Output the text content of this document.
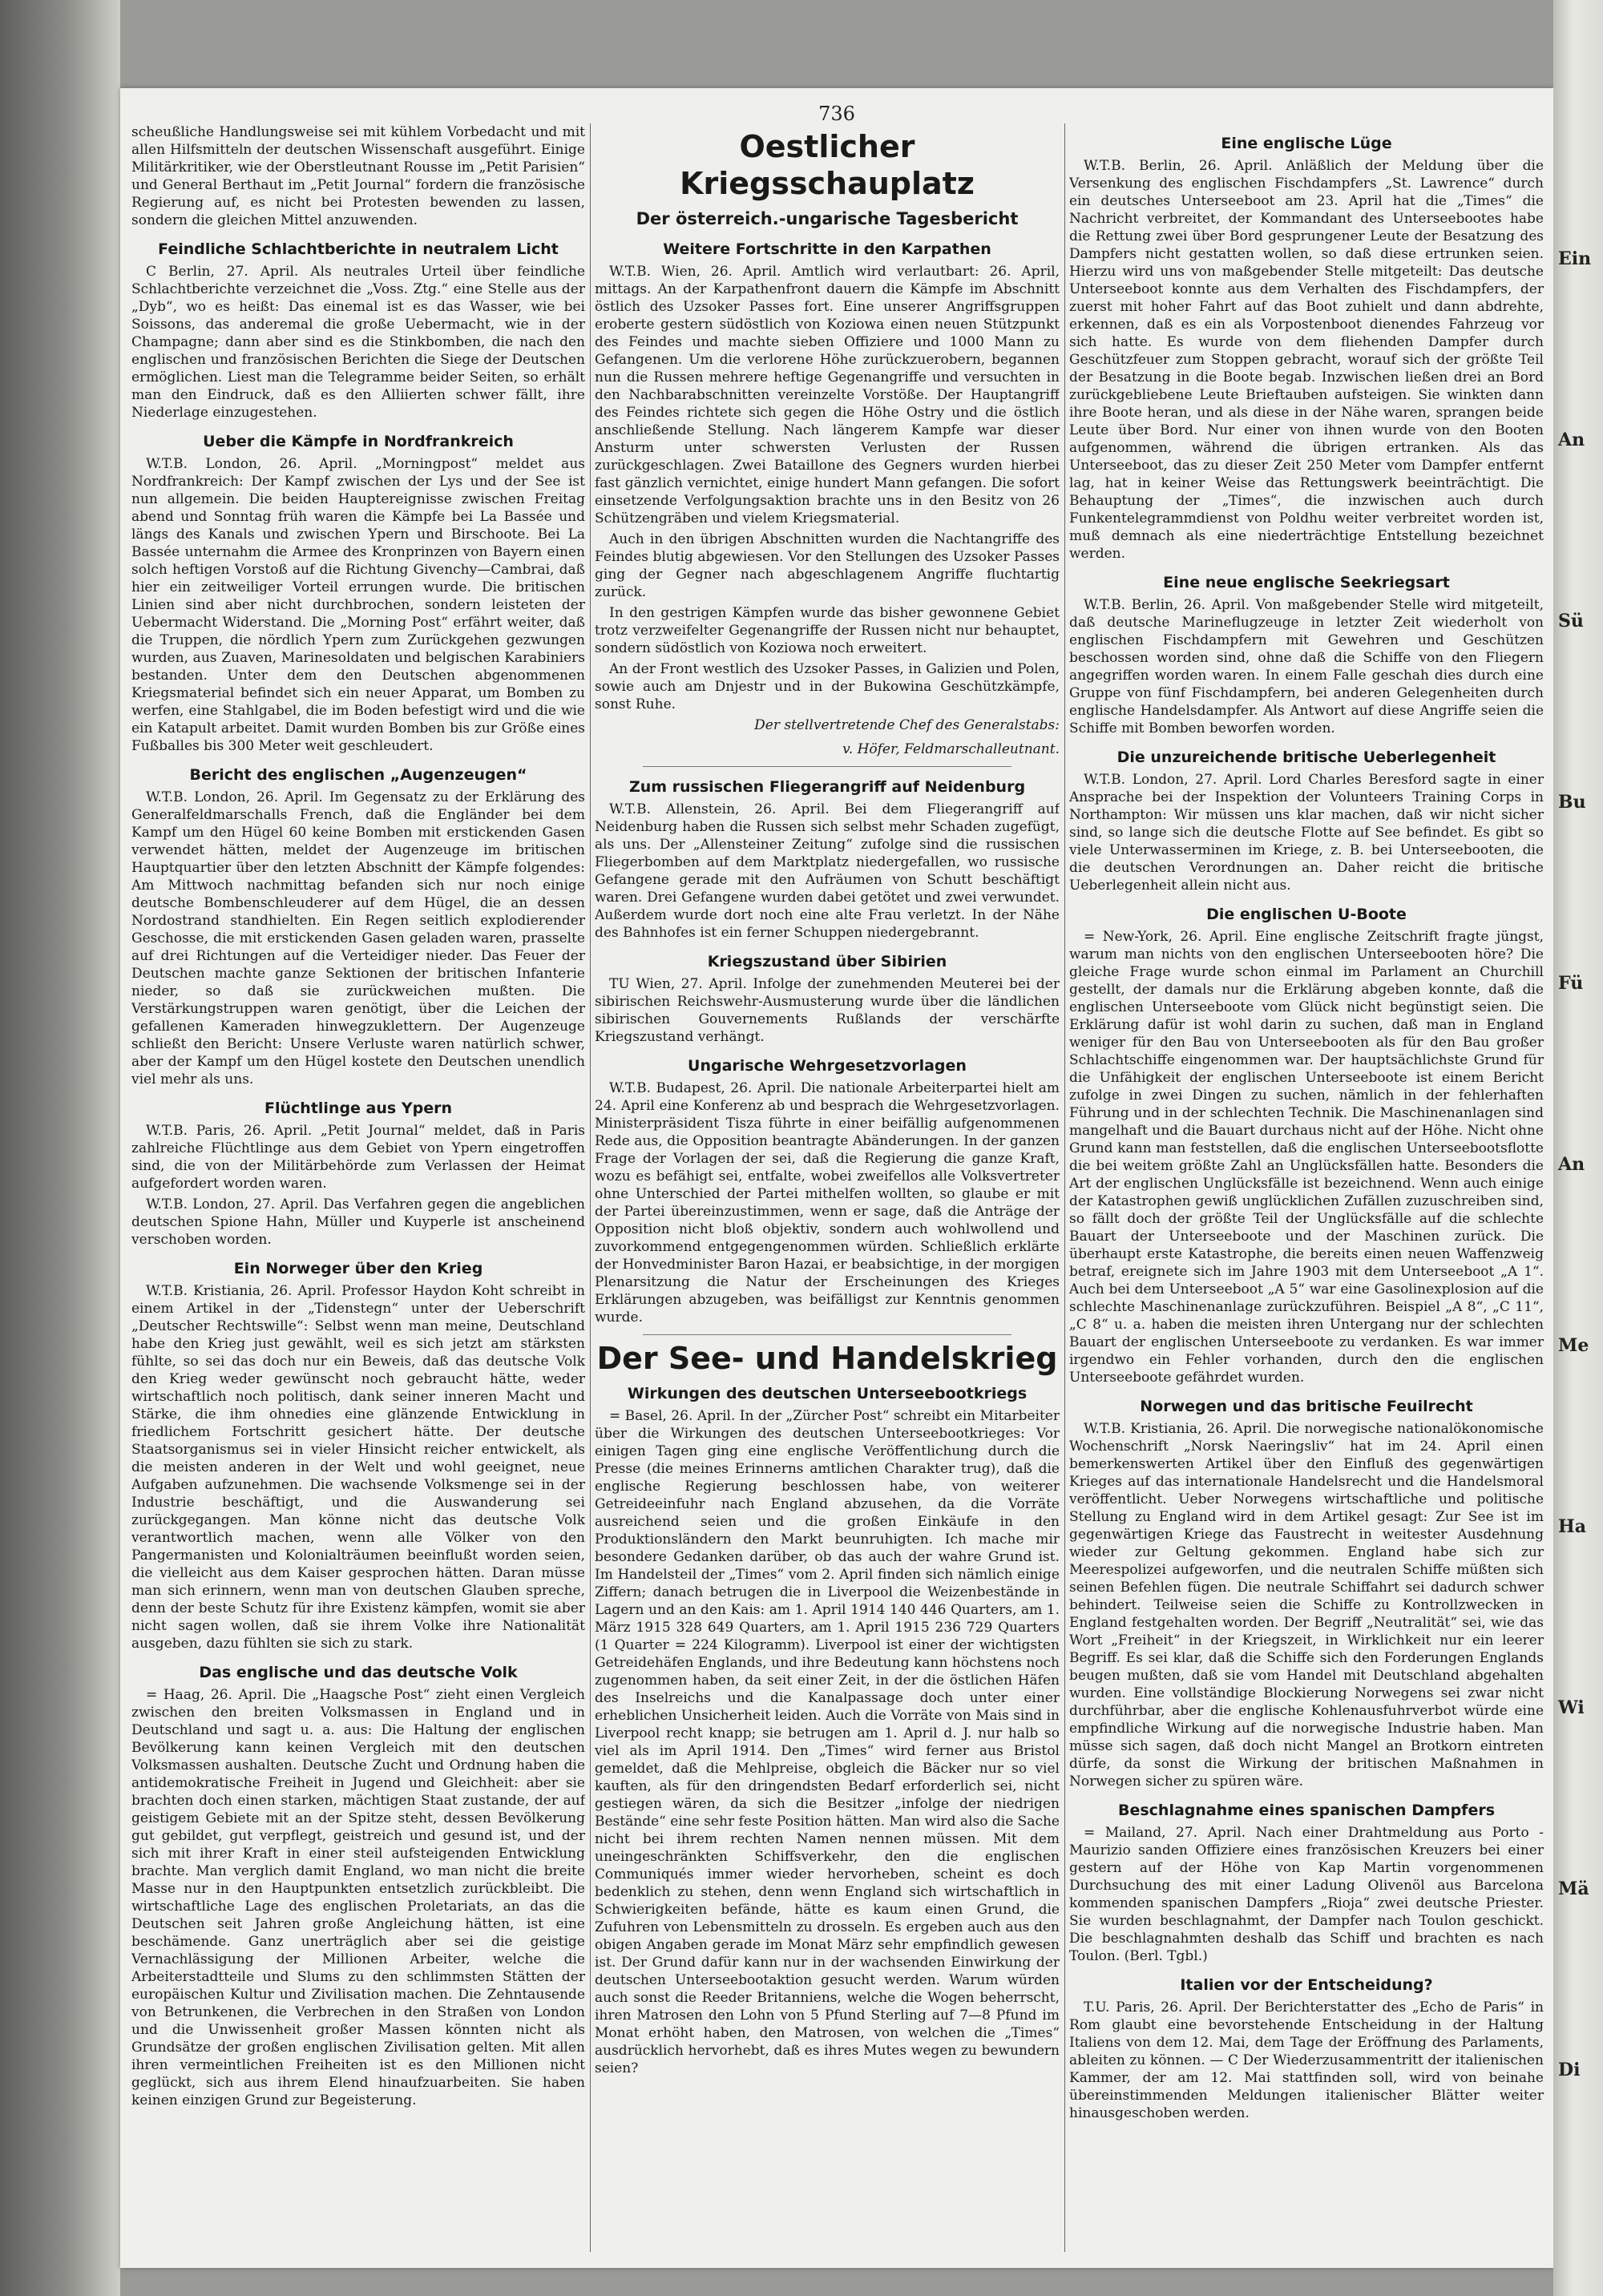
736

scheußliche Handlungsweise sei mit kühlem Vorbedacht und mit allen Hilfsmitteln der deutschen Wissenschaft ausgeführt. Einige Militärkritiker, wie der Oberstleutnant Rousse im „Petit Parisien“ und General Berthaut im „Petit Journal“ fordern die französische Regierung auf, es nicht bei Protesten bewenden zu lassen, sondern die gleichen Mittel anzuwenden.

Feindliche Schlachtberichte in neutralem Licht

C Berlin, 27. April. Als neutrales Urteil über feindliche Schlachtberichte verzeichnet die „Voss. Ztg.“ eine Stelle aus der „Dyb“, wo es heißt: Das einemal ist es das Wasser, wie bei Soissons, das anderemal die große Uebermacht, wie in der Champagne; dann aber sind es die Stinkbomben, die nach den englischen und französischen Berichten die Siege der Deutschen ermöglichen. Liest man die Telegramme beider Seiten, so erhält man den Eindruck, daß es den Alliierten schwer fällt, ihre Niederlage einzugestehen.

Ueber die Kämpfe in Nordfrankreich

W.T.B. London, 26. April. „Morningpost“ meldet aus Nordfrankreich: Der Kampf zwischen der Lys und der See ist nun allgemein. Die beiden Hauptereignisse zwischen Freitag abend und Sonntag früh waren die Kämpfe bei La Bassée und längs des Kanals und zwischen Ypern und Birschoote. Bei La Bassée unternahm die Armee des Kronprinzen von Bayern einen solch heftigen Vorstoß auf die Richtung Givenchy—Cambrai, daß hier ein zeitweiliger Vorteil errungen wurde. Die britischen Linien sind aber nicht durchbrochen, sondern leisteten der Uebermacht Widerstand. Die „Morning Post“ erfährt weiter, daß die Truppen, die nördlich Ypern zum Zurückgehen gezwungen wurden, aus Zuaven, Marinesoldaten und belgischen Karabiniers bestanden. Unter dem den Deutschen abgenommenen Kriegsmaterial befindet sich ein neuer Apparat, um Bomben zu werfen, eine Stahlgabel, die im Boden befestigt wird und die wie ein Katapult arbeitet. Damit wurden Bomben bis zur Größe eines Fußballes bis 300 Meter weit geschleudert.

Bericht des englischen „Augenzeugen“

W.T.B. London, 26. April. Im Gegensatz zu der Erklärung des Generalfeldmarschalls French, daß die Engländer bei dem Kampf um den Hügel 60 keine Bomben mit erstickenden Gasen verwendet hätten, meldet der Augenzeuge im britischen Hauptquartier über den letzten Abschnitt der Kämpfe folgendes: Am Mittwoch nachmittag befanden sich nur noch einige deutsche Bombenschleuderer auf dem Hügel, die an dessen Nordostrand standhielten. Ein Regen seitlich explodierender Geschosse, die mit erstickenden Gasen geladen waren, prasselte auf drei Richtungen auf die Verteidiger nieder. Das Feuer der Deutschen machte ganze Sektionen der britischen Infanterie nieder, so daß sie zurückweichen mußten. Die Verstärkungstruppen waren genötigt, über die Leichen der gefallenen Kameraden hinwegzuklettern. Der Augenzeuge schließt den Bericht: Unsere Verluste waren natürlich schwer, aber der Kampf um den Hügel kostete den Deutschen unendlich viel mehr als uns.

Flüchtlinge aus Ypern

W.T.B. Paris, 26. April. „Petit Journal“ meldet, daß in Paris zahlreiche Flüchtlinge aus dem Gebiet von Ypern eingetroffen sind, die von der Militärbehörde zum Verlassen der Heimat aufgefordert worden waren.

W.T.B. London, 27. April. Das Verfahren gegen die angeblichen deutschen Spione Hahn, Müller und Kuyperle ist anscheinend verschoben worden.

Ein Norweger über den Krieg

W.T.B. Kristiania, 26. April. Professor Haydon Koht schreibt in einem Artikel in der „Tidenstegn“ unter der Ueberschrift „Deutscher Rechtswille“: Selbst wenn man meine, Deutschland habe den Krieg just gewählt, weil es sich jetzt am stärksten fühlte, so sei das doch nur ein Beweis, daß das deutsche Volk den Krieg weder gewünscht noch gebraucht hätte, weder wirtschaftlich noch politisch, dank seiner inneren Macht und Stärke, die ihm ohnedies eine glänzende Entwicklung in friedlichem Fortschritt gesichert hätte. Der deutsche Staatsorganismus sei in vieler Hinsicht reicher entwickelt, als die meisten anderen in der Welt und wohl geeignet, neue Aufgaben aufzunehmen. Die wachsende Volksmenge sei in der Industrie beschäftigt, und die Auswanderung sei zurückgegangen. Man könne nicht das deutsche Volk verantwortlich machen, wenn alle Völker von den Pangermanisten und Kolonialträumen beeinflußt worden seien, die vielleicht aus dem Kaiser gesprochen hätten. Daran müsse man sich erinnern, wenn man von deutschen Glauben spreche, denn der beste Schutz für ihre Existenz kämpfen, womit sie aber nicht sagen wollen, daß sie ihrem Volke ihre Nationalität ausgeben, dazu fühlten sie sich zu stark.

Das englische und das deutsche Volk

= Haag, 26. April. Die „Haagsche Post“ zieht einen Vergleich zwischen den breiten Volksmassen in England und in Deutschland und sagt u. a. aus: Die Haltung der englischen Bevölkerung kann keinen Vergleich mit den deutschen Volksmassen aushalten. Deutsche Zucht und Ordnung haben die antidemokratische Freiheit in Jugend und Gleichheit: aber sie brachten doch einen starken, mächtigen Staat zustande, der auf geistigem Gebiete mit an der Spitze steht, dessen Bevölkerung gut gebildet, gut verpflegt, geistreich und gesund ist, und der sich mit ihrer Kraft in einer steil aufsteigenden Entwicklung brachte. Man verglich damit England, wo man nicht die breite Masse nur in den Hauptpunkten entsetzlich zurückbleibt. Die wirtschaftliche Lage des englischen Proletariats, an das die Deutschen seit Jahren große Angleichung hätten, ist eine beschämende. Ganz unerträglich aber sei die geistige Vernachlässigung der Millionen Arbeiter, welche die Arbeiterstadtteile und Slums zu den schlimmsten Stätten der europäischen Kultur und Zivilisation machen. Die Zehntausende von Betrunkenen, die Verbrechen in den Straßen von London und die Unwissenheit großer Massen könnten nicht als Grundsätze der großen englischen Zivilisation gelten. Mit allen ihren vermeintlichen Freiheiten ist es den Millionen nicht geglückt, sich aus ihrem Elend hinaufzuarbeiten. Sie haben keinen einzigen Grund zur Begeisterung.

Oestlicher Kriegsschauplatz
Der österreich.-ungarische Tagesbericht
Weitere Fortschritte in den Karpathen

W.T.B. Wien, 26. April. Amtlich wird verlautbart: 26. April, mittags. An der Karpathenfront dauern die Kämpfe im Abschnitt östlich des Uzsoker Passes fort. Eine unserer Angriffsgruppen eroberte gestern südöstlich von Koziowa einen neuen Stützpunkt des Feindes und machte sieben Offiziere und 1000 Mann zu Gefangenen. Um die verlorene Höhe zurückzuerobern, begannen nun die Russen mehrere heftige Gegenangriffe und versuchten in den Nachbarabschnitten vereinzelte Vorstöße. Der Hauptangriff des Feindes richtete sich gegen die Höhe Ostry und die östlich anschließende Stellung. Nach längerem Kampfe war dieser Ansturm unter schwersten Verlusten der Russen zurückgeschlagen. Zwei Bataillone des Gegners wurden hierbei fast gänzlich vernichtet, einige hundert Mann gefangen. Die sofort einsetzende Verfolgungsaktion brachte uns in den Besitz von 26 Schützengräben und vielem Kriegsmaterial.

Auch in den übrigen Abschnitten wurden die Nachtangriffe des Feindes blutig abgewiesen. Vor den Stellungen des Uzsoker Passes ging der Gegner nach abgeschlagenem Angriffe fluchtartig zurück.

In den gestrigen Kämpfen wurde das bisher gewonnene Gebiet trotz verzweifelter Gegenangriffe der Russen nicht nur behauptet, sondern südöstlich von Koziowa noch erweitert.

An der Front westlich des Uzsoker Passes, in Galizien und Polen, sowie auch am Dnjestr und in der Bukowina Geschützkämpfe, sonst Ruhe.

Der stellvertretende Chef des Generalstabs:
v. Höfer, Feldmarschalleutnant.
Zum russischen Fliegerangriff auf Neidenburg

W.T.B. Allenstein, 26. April. Bei dem Fliegerangriff auf Neidenburg haben die Russen sich selbst mehr Schaden zugefügt, als uns. Der „Allensteiner Zeitung“ zufolge sind die russischen Fliegerbomben auf dem Marktplatz niedergefallen, wo russische Gefangene gerade mit den Aufräumen von Schutt beschäftigt waren. Drei Gefangene wurden dabei getötet und zwei verwundet. Außerdem wurde dort noch eine alte Frau verletzt. In der Nähe des Bahnhofes ist ein ferner Schuppen niedergebrannt.

Kriegszustand über Sibirien

TU Wien, 27. April. Infolge der zunehmenden Meuterei bei der sibirischen Reichswehr-Ausmusterung wurde über die ländlichen sibirischen Gouvernements Rußlands der verschärfte Kriegszustand verhängt.

Ungarische Wehrgesetzvorlagen

W.T.B. Budapest, 26. April. Die nationale Arbeiterpartei hielt am 24. April eine Konferenz ab und besprach die Wehrgesetzvorlagen. Ministerpräsident Tisza führte in einer beifällig aufgenommenen Rede aus, die Opposition beantragte Abänderungen. In der ganzen Frage der Vorlagen der sei, daß die Regierung die ganze Kraft, wozu es befähigt sei, entfalte, wobei zweifellos alle Volksvertreter ohne Unterschied der Partei mithelfen wollten, so glaube er mit der Partei übereinzustimmen, wenn er sage, daß die Anträge der Opposition nicht bloß objektiv, sondern auch wohlwollend und zuvorkommend entgegengenommen würden. Schließlich erklärte der Honvedminister Baron Hazai, er beabsichtige, in der morgigen Plenarsitzung die Natur der Erscheinungen des Krieges Erklärungen abzugeben, was beifälligst zur Kenntnis genommen wurde.

Der See- und Handelskrieg
Wirkungen des deutschen Unterseebootkriegs

= Basel, 26. April. In der „Zürcher Post“ schreibt ein Mitarbeiter über die Wirkungen des deutschen Unterseebootkrieges: Vor einigen Tagen ging eine englische Veröffentlichung durch die Presse (die meines Erinnerns amtlichen Charakter trug), daß die englische Regierung beschlossen habe, von weiterer Getreideeinfuhr nach England abzusehen, da die Vorräte ausreichend seien und die großen Einkäufe in den Produktionsländern den Markt beunruhigten. Ich mache mir besondere Gedanken darüber, ob das auch der wahre Grund ist. Im Handelsteil der „Times“ vom 2. April finden sich nämlich einige Ziffern; danach betrugen die in Liverpool die Weizenbestände in Lagern und an den Kais: am 1. April 1914 140 446 Quarters, am 1. März 1915 328 649 Quarters, am 1. April 1915 236 729 Quarters (1 Quarter = 224 Kilogramm). Liverpool ist einer der wichtigsten Getreidehäfen Englands, und ihre Bedeutung kann höchstens noch zugenommen haben, da seit einer Zeit, in der die östlichen Häfen des Inselreichs und die Kanalpassage doch unter einer erheblichen Unsicherheit leiden. Auch die Vorräte von Mais sind in Liverpool recht knapp; sie betrugen am 1. April d. J. nur halb so viel als im April 1914. Den „Times“ wird ferner aus Bristol gemeldet, daß die Mehlpreise, obgleich die Bäcker nur so viel kauften, als für den dringendsten Bedarf erforderlich sei, nicht gestiegen wären, da sich die Besitzer „infolge der niedrigen Bestände“ eine sehr feste Position hätten. Man wird also die Sache nicht bei ihrem rechten Namen nennen müssen. Mit dem uneingeschränkten Schiffsverkehr, den die englischen Communiqués immer wieder hervorheben, scheint es doch bedenklich zu stehen, denn wenn England sich wirtschaftlich in Schwierigkeiten befände, hätte es kaum einen Grund, die Zufuhren von Lebensmitteln zu drosseln. Es ergeben auch aus den obigen Angaben gerade im Monat März sehr empfindlich gewesen ist. Der Grund dafür kann nur in der wachsenden Einwirkung der deutschen Unterseebootaktion gesucht werden. Warum würden auch sonst die Reeder Britanniens, welche die Wogen beherrscht, ihren Matrosen den Lohn von 5 Pfund Sterling auf 7—8 Pfund im Monat erhöht haben, den Matrosen, von welchen die „Times“ ausdrücklich hervorhebt, daß es ihres Mutes wegen zu bewundern seien?

Eine englische Lüge

W.T.B. Berlin, 26. April. Anläßlich der Meldung über die Versenkung des englischen Fischdampfers „St. Lawrence“ durch ein deutsches Unterseeboot am 23. April hat die „Times“ die Nachricht verbreitet, der Kommandant des Unterseebootes habe die Rettung zwei über Bord gesprungener Leute der Besatzung des Dampfers nicht gestatten wollen, so daß diese ertrunken seien. Hierzu wird uns von maßgebender Stelle mitgeteilt: Das deutsche Unterseeboot konnte aus dem Verhalten des Fischdampfers, der zuerst mit hoher Fahrt auf das Boot zuhielt und dann abdrehte, erkennen, daß es ein als Vorpostenboot dienendes Fahrzeug vor sich hatte. Es wurde von dem fliehenden Dampfer durch Geschützfeuer zum Stoppen gebracht, worauf sich der größte Teil der Besatzung in die Boote begab. Inzwischen ließen drei an Bord zurückgebliebene Leute Brieftauben aufsteigen. Sie winkten dann ihre Boote heran, und als diese in der Nähe waren, sprangen beide Leute über Bord. Nur einer von ihnen wurde von den Booten aufgenommen, während die übrigen ertranken. Als das Unterseeboot, das zu dieser Zeit 250 Meter vom Dampfer entfernt lag, hat in keiner Weise das Rettungswerk beeinträchtigt. Die Behauptung der „Times“, die inzwischen auch durch Funkentelegrammdienst von Poldhu weiter verbreitet worden ist, muß demnach als eine niederträchtige Entstellung bezeichnet werden.

Eine neue englische Seekriegsart

W.T.B. Berlin, 26. April. Von maßgebender Stelle wird mitgeteilt, daß deutsche Marineflugzeuge in letzter Zeit wiederholt von englischen Fischdampfern mit Gewehren und Geschützen beschossen worden sind, ohne daß die Schiffe von den Fliegern angegriffen worden waren. In einem Falle geschah dies durch eine Gruppe von fünf Fischdampfern, bei anderen Gelegenheiten durch englische Handelsdampfer. Als Antwort auf diese Angriffe seien die Schiffe mit Bomben beworfen worden.

Die unzureichende britische Ueberlegenheit

W.T.B. London, 27. April. Lord Charles Beresford sagte in einer Ansprache bei der Inspektion der Volunteers Training Corps in Northampton: Wir müssen uns klar machen, daß wir nicht sicher sind, so lange sich die deutsche Flotte auf See befindet. Es gibt so viele Unterwasserminen im Kriege, z. B. bei Unterseebooten, die die deutschen Verordnungen an. Daher reicht die britische Ueberlegenheit allein nicht aus.

Die englischen U-Boote

= New-York, 26. April. Eine englische Zeitschrift fragte jüngst, warum man nichts von den englischen Unterseebooten höre? Die gleiche Frage wurde schon einmal im Parlament an Churchill gestellt, der damals nur die Erklärung abgeben konnte, daß die englischen Unterseeboote vom Glück nicht begünstigt seien. Die Erklärung dafür ist wohl darin zu suchen, daß man in England weniger für den Bau von Unterseebooten als für den Bau großer Schlachtschiffe eingenommen war. Der hauptsächlichste Grund für die Unfähigkeit der englischen Unterseeboote ist einem Bericht zufolge in zwei Dingen zu suchen, nämlich in der fehlerhaften Führung und in der schlechten Technik. Die Maschinenanlagen sind mangelhaft und die Bauart durchaus nicht auf der Höhe. Nicht ohne Grund kann man feststellen, daß die englischen Unterseebootsflotte die bei weitem größte Zahl an Unglücksfällen hatte. Besonders die Art der englischen Unglücksfälle ist bezeichnend. Wenn auch einige der Katastrophen gewiß unglücklichen Zufällen zuzuschreiben sind, so fällt doch der größte Teil der Unglücksfälle auf die schlechte Bauart der Unterseeboote und der Maschinen zurück. Die überhaupt erste Katastrophe, die bereits einen neuen Waffenzweig betraf, ereignete sich im Jahre 1903 mit dem Unterseeboot „A 1“. Auch bei dem Unterseeboot „A 5“ war eine Gasolinexplosion auf die schlechte Maschinenanlage zurückzuführen. Beispiel „A 8“, „C 11“, „C 8“ u. a. haben die meisten ihren Untergang nur der schlechten Bauart der englischen Unterseeboote zu verdanken. Es war immer irgendwo ein Fehler vorhanden, durch den die englischen Unterseeboote gefährdet wurden.

Norwegen und das britische Feuilrecht

W.T.B. Kristiania, 26. April. Die norwegische nationalökonomische Wochenschrift „Norsk Naeringsliv“ hat im 24. April einen bemerkenswerten Artikel über den Einfluß des gegenwärtigen Krieges auf das internationale Handelsrecht und die Handelsmoral veröffentlicht. Ueber Norwegens wirtschaftliche und politische Stellung zu England wird in dem Artikel gesagt: Zur See ist im gegenwärtigen Kriege das Faustrecht in weitester Ausdehnung wieder zur Geltung gekommen. England habe sich zur Meerespolizei aufgeworfen, und die neutralen Schiffe müßten sich seinen Befehlen fügen. Die neutrale Schiffahrt sei dadurch schwer behindert. Teilweise seien die Schiffe zu Kontrollzwecken in England festgehalten worden. Der Begriff „Neutralität“ sei, wie das Wort „Freiheit“ in der Kriegszeit, in Wirklichkeit nur ein leerer Begriff. Es sei klar, daß die Schiffe sich den Forderungen Englands beugen mußten, daß sie vom Handel mit Deutschland abgehalten wurden. Eine vollständige Blockierung Norwegens sei zwar nicht durchführbar, aber die englische Kohlenausfuhrverbot würde eine empfindliche Wirkung auf die norwegische Industrie haben. Man müsse sich sagen, daß doch nicht Mangel an Brotkorn eintreten dürfe, da sonst die Wirkung der britischen Maßnahmen in Norwegen sicher zu spüren wäre.

Beschlagnahme eines spanischen Dampfers

= Mailand, 27. April. Nach einer Drahtmeldung aus Porto - Maurizio sanden Offiziere eines französischen Kreuzers bei einer gestern auf der Höhe von Kap Martin vorgenommenen Durchsuchung des mit einer Ladung Olivenöl aus Barcelona kommenden spanischen Dampfers „Rioja“ zwei deutsche Priester. Sie wurden beschlagnahmt, der Dampfer nach Toulon geschickt. Die beschlagnahmten deshalb das Schiff und brachten es nach Toulon. (Berl. Tgbl.)

Italien vor der Entscheidung?

T.U. Paris, 26. April. Der Berichterstatter des „Echo de Paris“ in Rom glaubt eine bevorstehende Entscheidung in der Haltung Italiens von dem 12. Mai, dem Tage der Eröffnung des Parlaments, ableiten zu können. — C Der Wiederzusammentritt der italienischen Kammer, der am 12. Mai stattfinden soll, wird von beinahe übereinstimmenden Meldungen italienischer Blätter weiter hinausgeschoben werden.

Ein
An
Sü
Bu
Fü
An
Me
Ha
Wi
Mä
Di
